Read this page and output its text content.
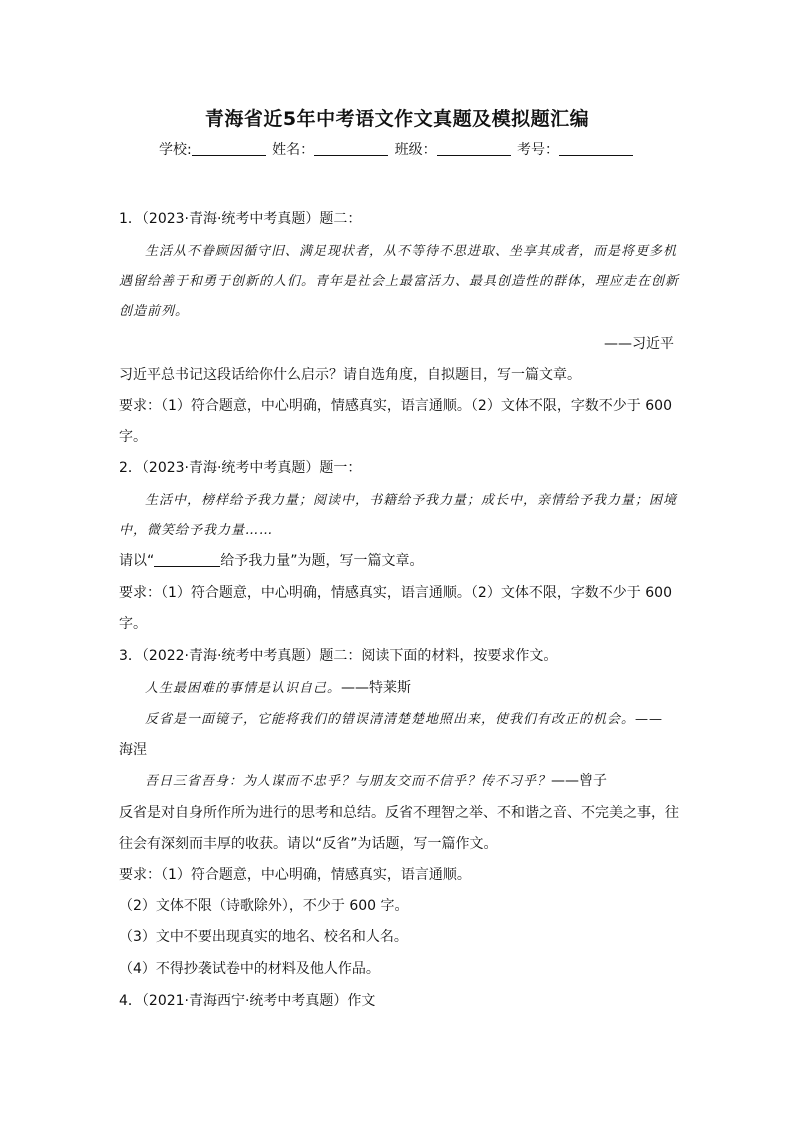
青海省近5年中考语文作文真题及模拟题汇编
学校:	姓名：	班级：	考号：
1．（2023·青海·统考中考真题）题二：
生活从不眷顾因循守旧、满足现状者，从不等待不思进取、坐享其成者，而是将更多机
遇留给善于和勇于创新的人们。青年是社会上最富活力、最具创造性的群体，理应走在创新
创造前列。
——习近平
习近平总书记这段话给你什么启示？请自选角度，自拟题目，写一篇文章。
要求：（1）符合题意，中心明确，情感真实，语言通顺。（2）文体不限，字数不少于 600
字。
2．（2023·青海·统考中考真题）题一：
生活中，榜样给予我力量；阅读中，书籍给予我力量；成长中，亲情给予我力量；困境
中，微笑给予我力量……
请以“	给予我力量”为题，写一篇文章。
要求：（1）符合题意，中心明确，情感真实，语言通顺。（2）文体不限，字数不少于 600
字。
3．（2022·青海·统考中考真题）题二：阅读下面的材料，按要求作文。
人生最困难的事情是认识自己。——特莱斯
反省是一面镜子，它能将我们的错误清清楚楚地照出来，使我们有改正的机会。——
海涅
吾日三省吾身：为人谋而不忠乎？与朋友交而不信乎？传不习乎？——曾子
反省是对自身所作所为进行的思考和总结。反省不理智之举、不和谐之音、不完美之事，往
往会有深刻而丰厚的收获。请以“反省”为话题，写一篇作文。
要求：（1）符合题意，中心明确，情感真实，语言通顺。
（2）文体不限（诗歌除外），不少于 600 字。
（3）文中不要出现真实的地名、校名和人名。
（4）不得抄袭试卷中的材料及他人作品。
4．（2021·青海西宁·统考中考真题）作文
